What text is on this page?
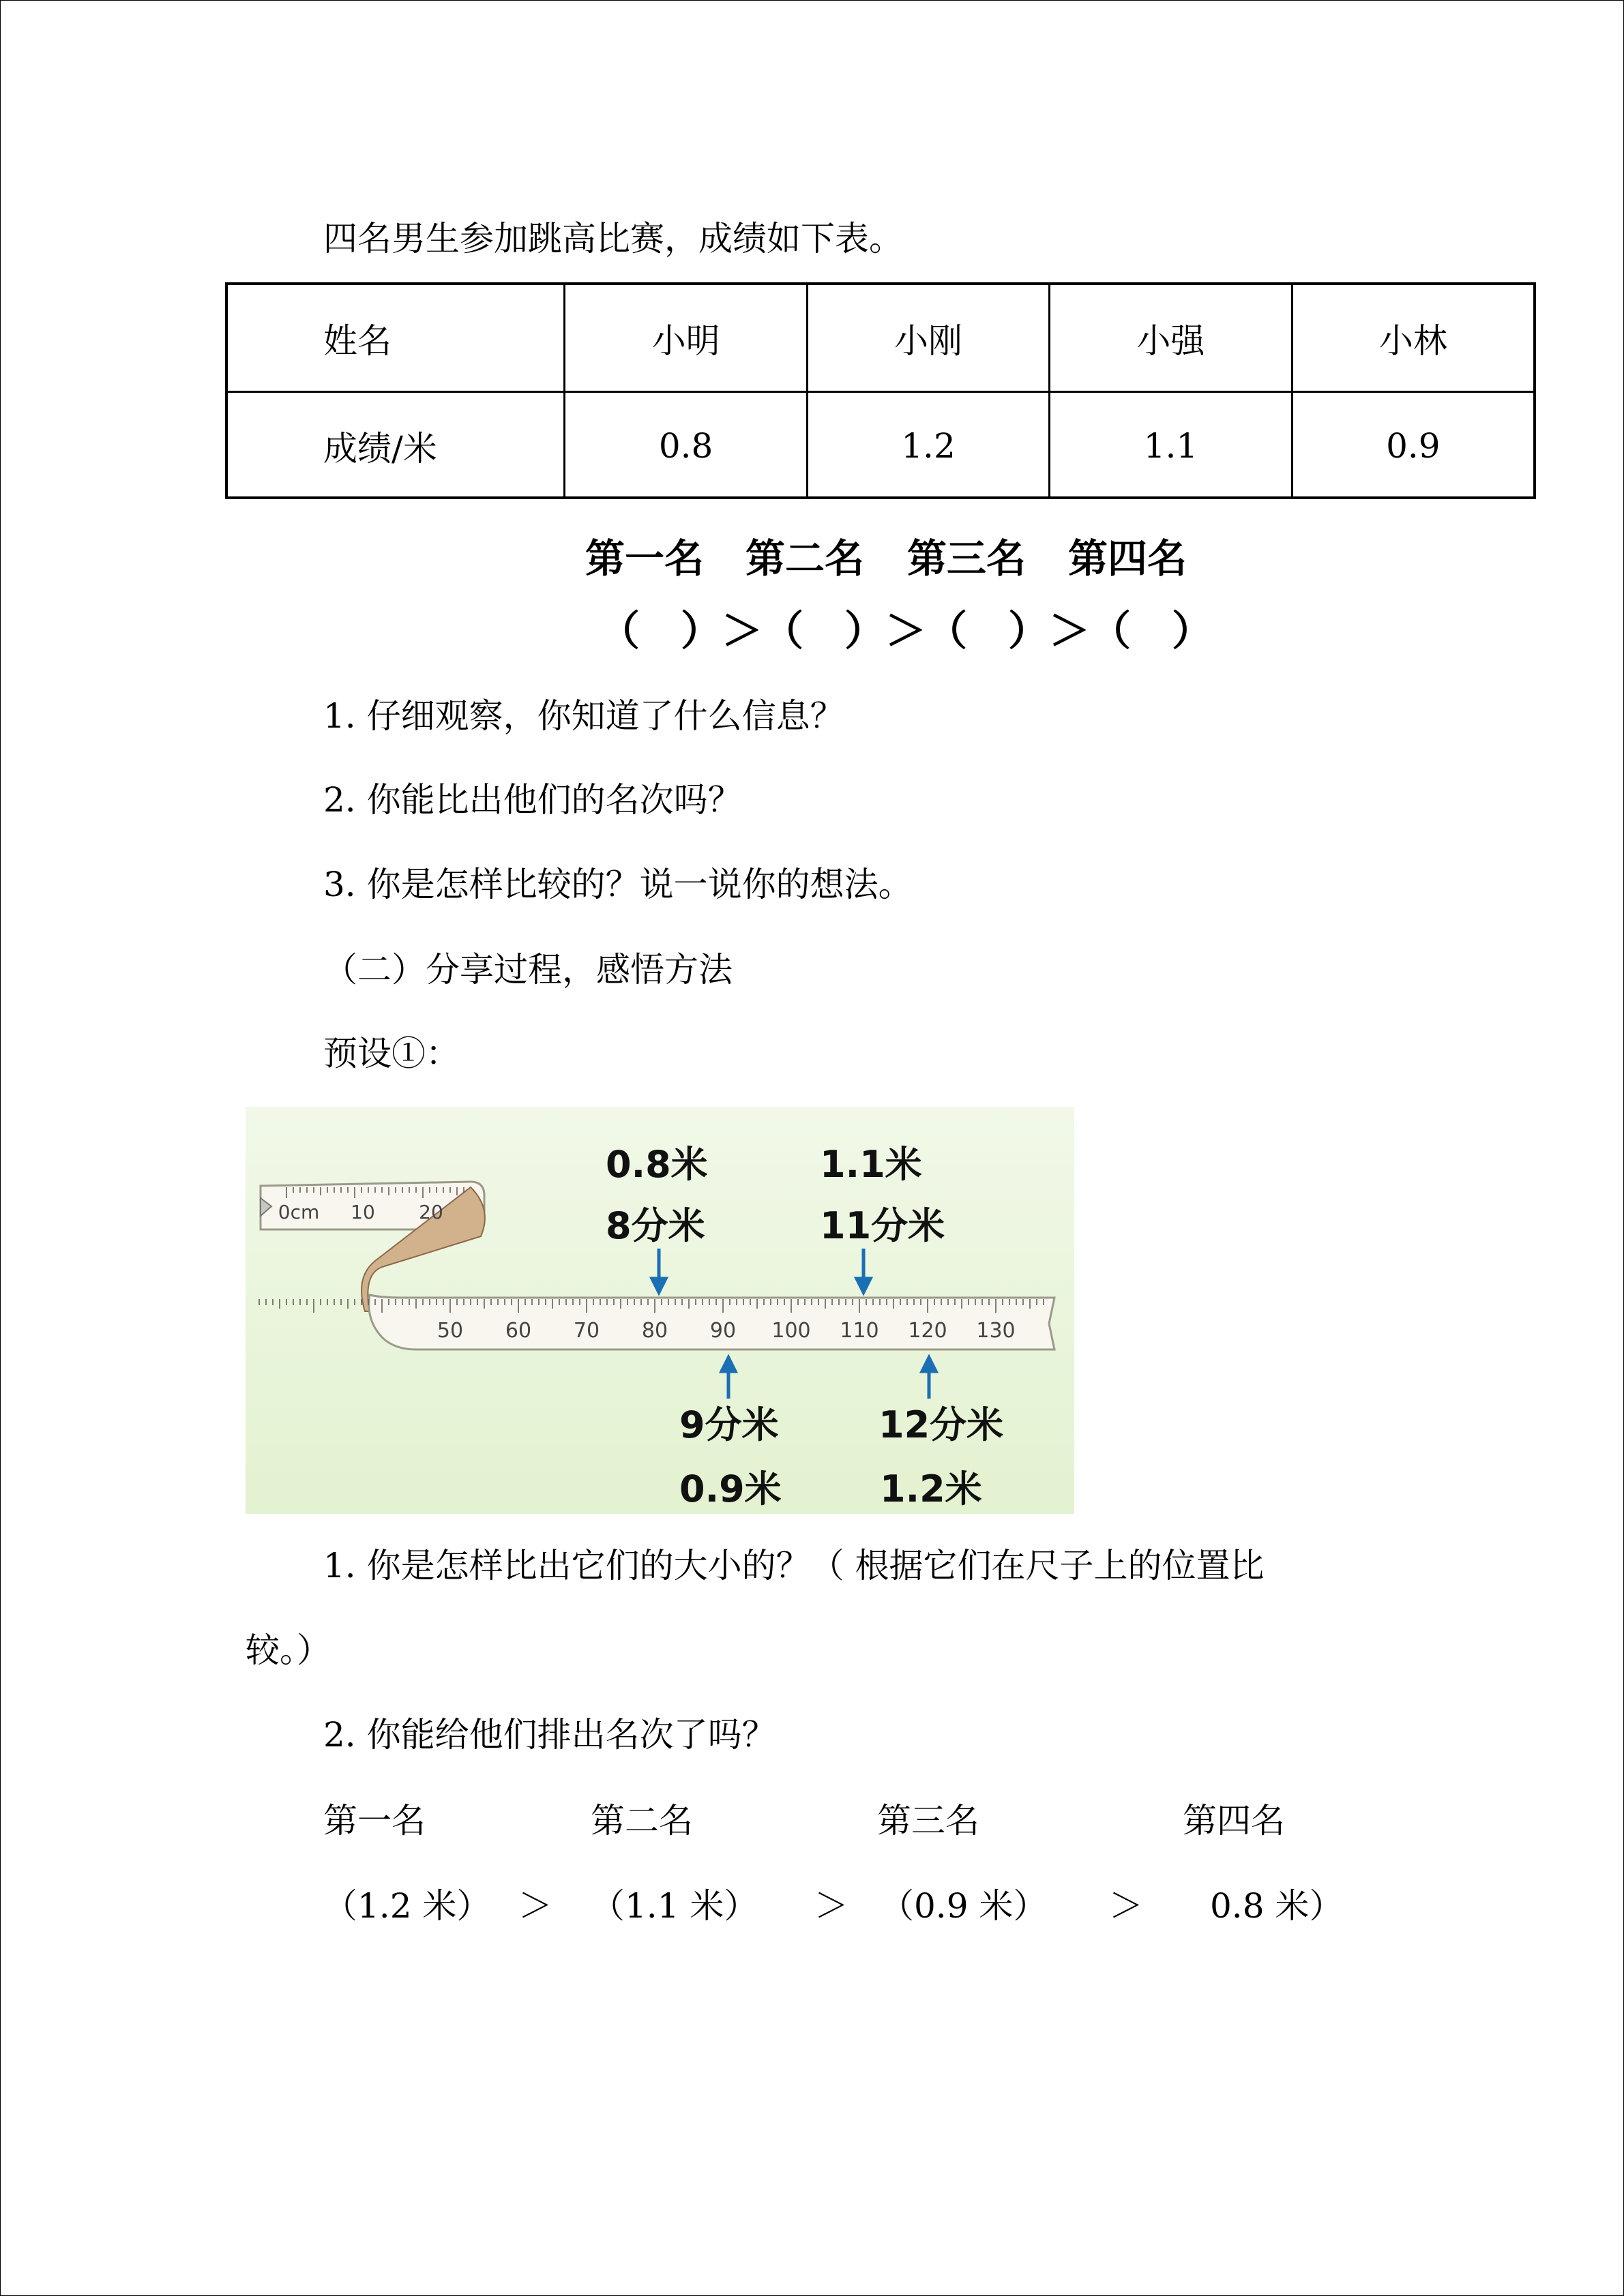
四名男生参加跳高比赛，成绩如下表。
姓名	小明	小刚	小强	小林
成绩/米	0.8	1.2	1.1	0.9
第一名 第二名 第三名 第四名
（　）＞（　）＞（　）＞（　）
1. 仔细观察，你知道了什么信息？
2. 你能比出他们的名次吗？
3. 你是怎样比较的？说一说你的想法。
（二）分享过程，感悟方法
预设①：
50 60 70 80 90 100 110 120 130
0cm 10 20
0.8米
8分米
1.1米
11分米
9分米
0.9米
12分米
1.2米
1. 你是怎样比出它们的大小的？（ 根据它们在尺子上的位置比
较。）
2. 你能给他们排出名次了吗？
第一名	第二名	第三名	第四名
（1.2 米） ＞ （1.1 米） ＞ （0.9 米） ＞ 0.8 米）
